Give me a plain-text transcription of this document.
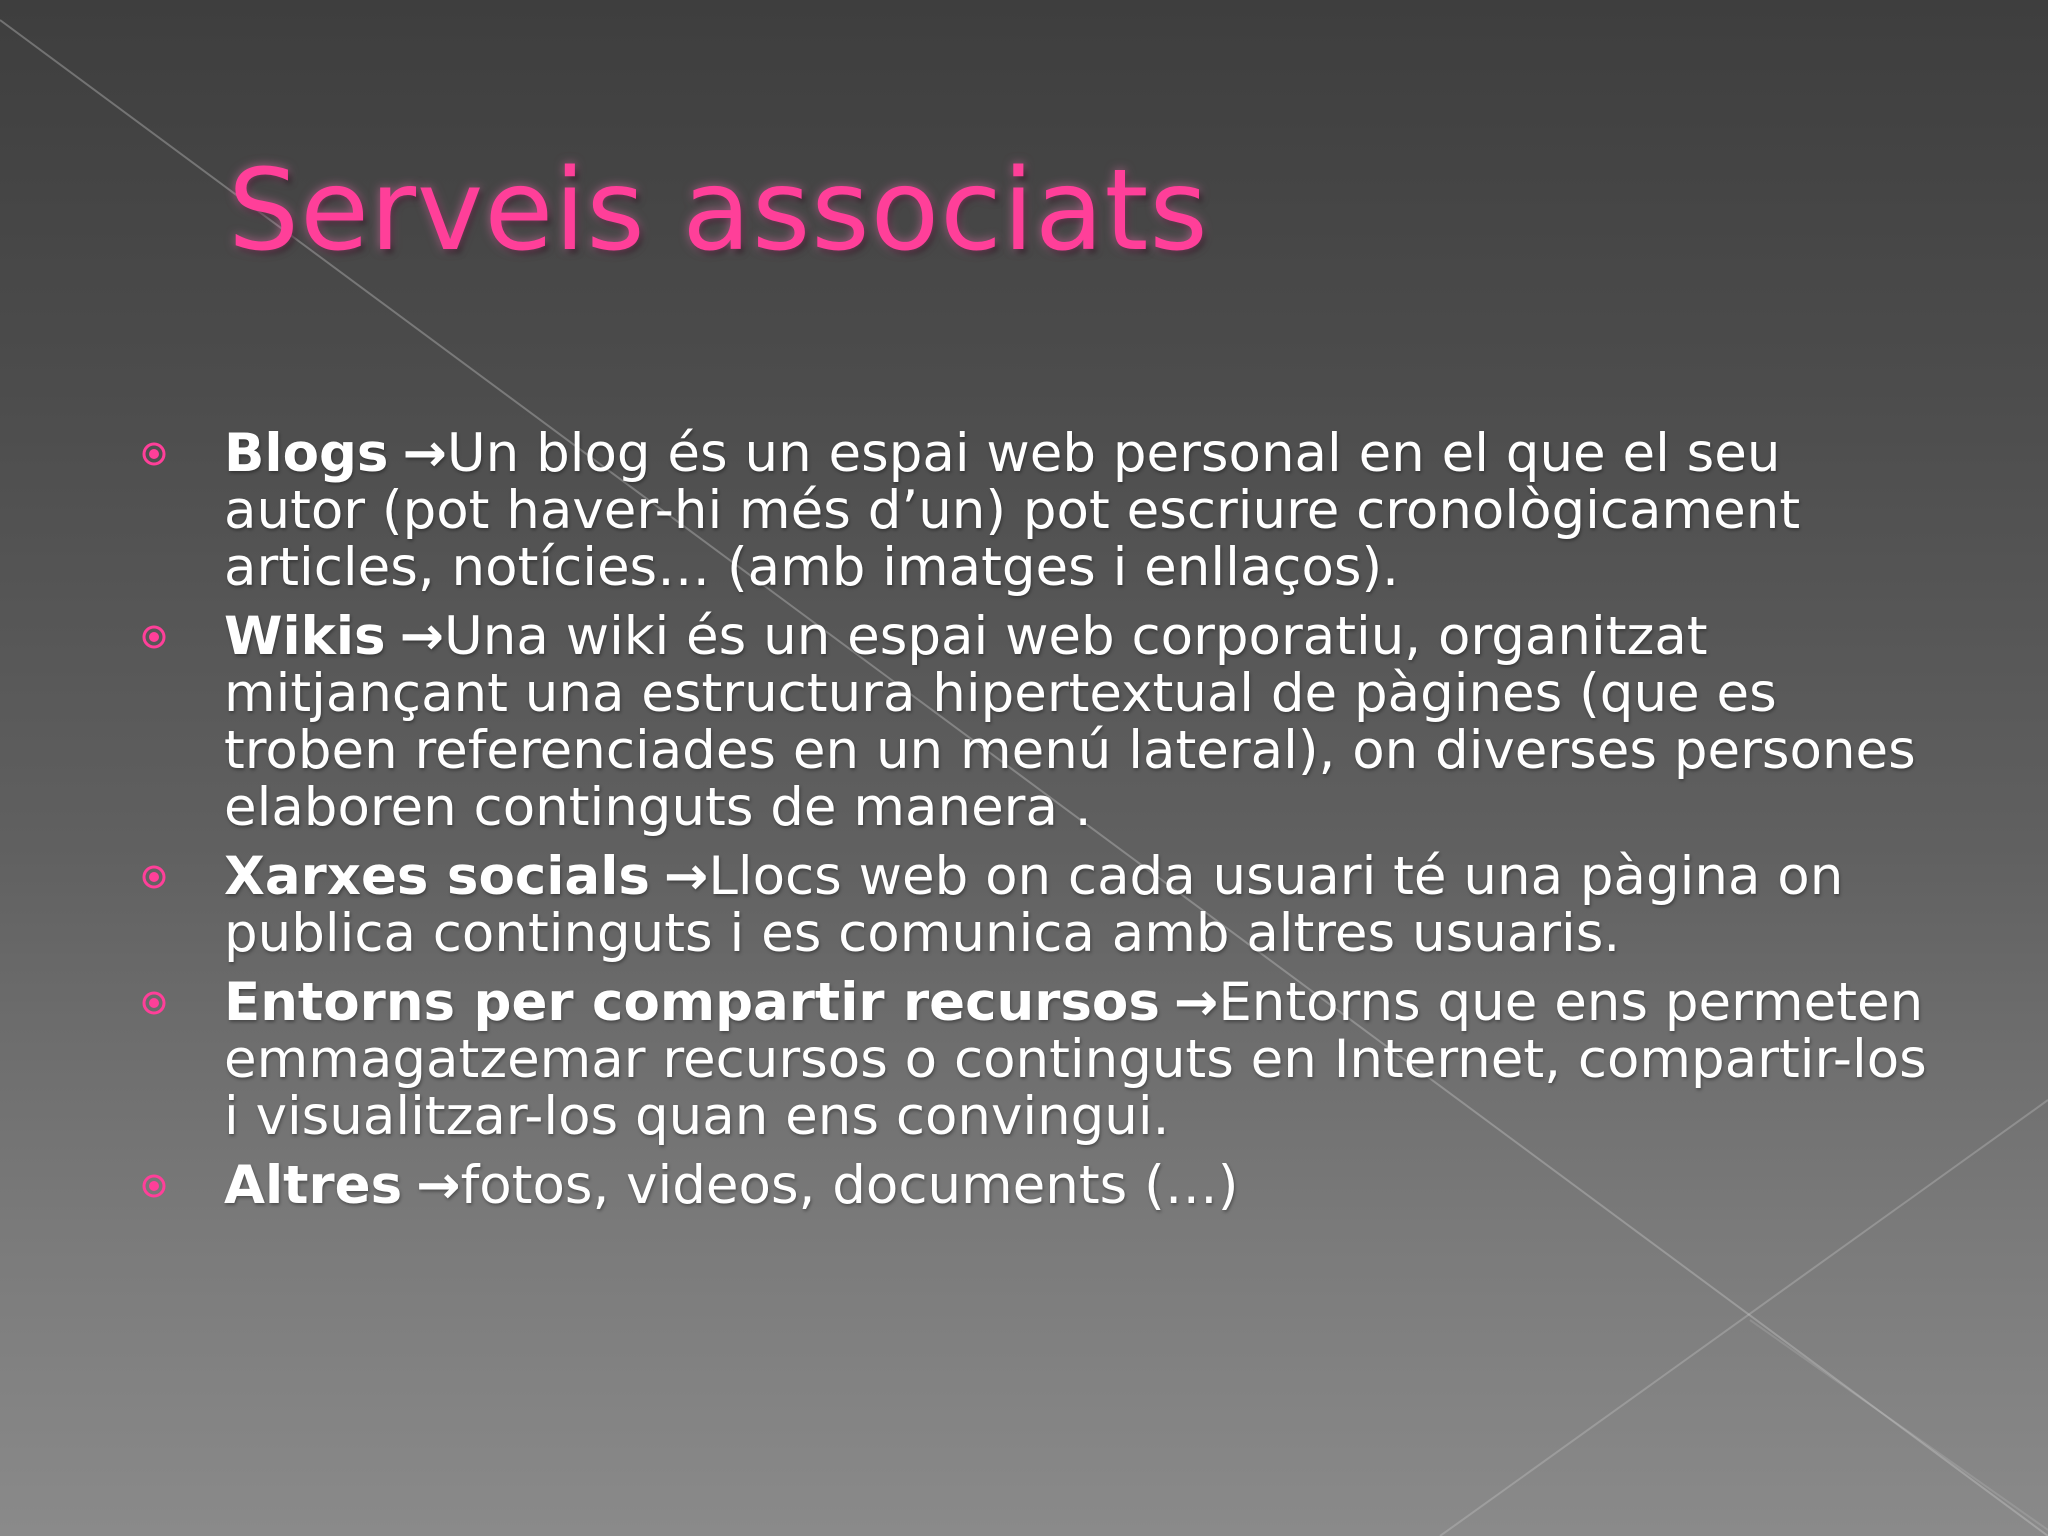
Serveis associats
Blogs →Un blog és un espai web personal en el que el seu autor (pot haver-hi més d’un) pot escriure cronològicament articles, notícies… (amb imatges i enllaços).
Wikis →Una wiki és un espai web corporatiu, organitzat mitjançant una estructura hipertextual de pàgines (que es troben referenciades en un menú lateral), on diverses persones elaboren continguts de manera .
Xarxes socials →Llocs web on cada usuari té una pàgina on publica continguts i es comunica amb altres usuaris.
Entorns per compartir recursos →Entorns que ens permeten emmagatzemar recursos o continguts en Internet, compartir-los i visualitzar-los quan ens convingui.
Altres →fotos, videos, documents (…)
